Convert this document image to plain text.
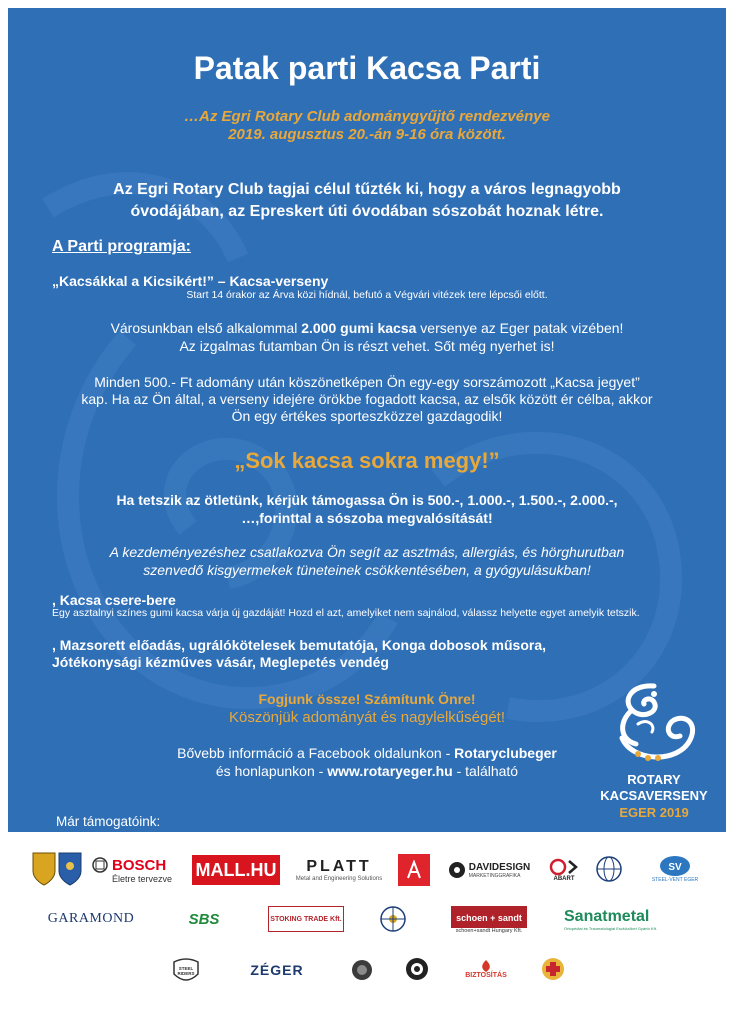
Patak parti Kacsa Parti
…Az Egri Rotary Club adománygyűjtő rendezvénye
2019. augusztus 20.-án 9-16 óra között.
Az Egri Rotary Club tagjai célul tűzték ki, hogy a város legnagyobb
óvodájában, az Epreskert úti óvodában sószobát hoznak létre.
A Parti programja:
„Kacsákkal a Kicsikért!” – Kacsa-verseny
Start 14 órakor az Árva közi hídnál, befutó a Végvári vitézek tere lépcsői előtt.
Városunkban első alkalommal 2.000 gumi kacsa versenye az Eger patak vizében!
Az izgalmas futamban Ön is részt vehet. Sőt még nyerhet is!
Minden 500.- Ft adomány után köszönetképen Ön egy-egy sorszámozott „Kacsa jegyet”
kap. Ha az Ön által, a verseny idejére örökbe fogadott kacsa, az elsők között ér célba, akkor
Ön egy értékes sporteszközzel gazdagodik!
„Sok kacsa sokra megy!”
Ha tetszik az ötletünk, kérjük támogassa Ön is 500.-, 1.000.-, 1.500.-, 2.000.-,
…,forinttal a sószoba megvalósítását!
A kezdeményezéshez csatlakozva Ön segít az asztmás, allergiás, és hörghurutban
szenvedő kisgyermekek tüneteinek csökkentésében, a gyógyulásukban!
, Kacsa csere-bere
Egy asztalnyi színes gumi kacsa várja új gazdáját! Hozd el azt, amelyiket nem sajnálod, válassz helyette egyet amelyik tetszik.
, Mazsorett előadás, ugrálókötelesek bemutatója, Konga dobosok műsora,
Jótékonysági kézműves vásár, Meglepetés vendég
Fogjunk össze! Számítunk Önre!
Köszönjük adományát és nagylelkűségét!
Bővebb információ a Facebook oldalunkon - Rotaryclubeger
és honlapunkon - www.rotaryeger.hu - található
Már támogatóink:
ROTARY
KACSAVERSENY
EGER 2019
BOSCH
Életre tervezve MALL.HU PLATT
Metal and Engineering Solutions
DAVIDESIGN
MARKETINGGRAFIKA
ABART
SV
STEEL-VENT EGER
GARAMOND	SBS	STOKING TRADE Kft.	schoen + sandt
schoen+sandt Hungary Kft.
Sanatmetal
Ortopédiai és Traumatológiai Eszközöket Gyártó Kft.
STEEL
RIDERS	ZÉGER	BIZTOSÍTÁS
